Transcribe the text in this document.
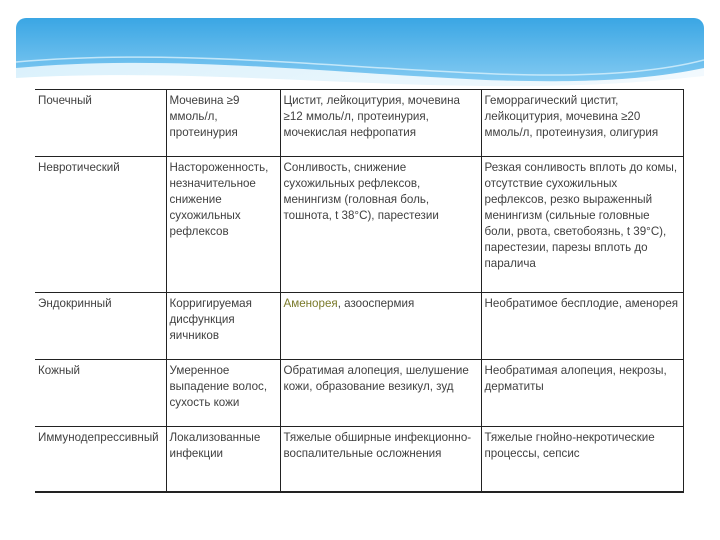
Почечный	Мочевина ≥9 ммоль/л, протеинурия	Цистит, лейкоцитурия, мочевина ≥12 ммоль/л, протеинурия, мочекислая нефропатия	Геморрагический цистит, лейкоцитурия, мочевина ≥20 ммоль/л, протеинузия, олигурия
Невротический	Настороженность, незначительное снижение сухожильных рефлексов	Сонливость, снижение сухожильных рефлексов, менингизм (головная боль, тошнота, t 38°С), парестезии	Резкая сонливость вплоть до комы, отсутствие сухожильных рефлексов, резко выраженный менингизм (сильные головные боли, рвота, светобоязнь, t 39°С), парестезии, парезы вплоть до паралича
Эндокринный	Корригируемая дисфункция яичников	Аменорея, азооспермия	Необратимое бесплодие, аменорея
Кожный	Умеренное выпадение волос, сухость кожи	Обратимая алопеция, шелушение кожи, образование везикул, зуд	Необратимая алопеция, некрозы, дерматиты
Иммунодепрессивный	Локализованные инфекции	Тяжелые обширные инфекционно-воспалительные осложнения	Тяжелые гнойно-некротические процессы, сепсис
